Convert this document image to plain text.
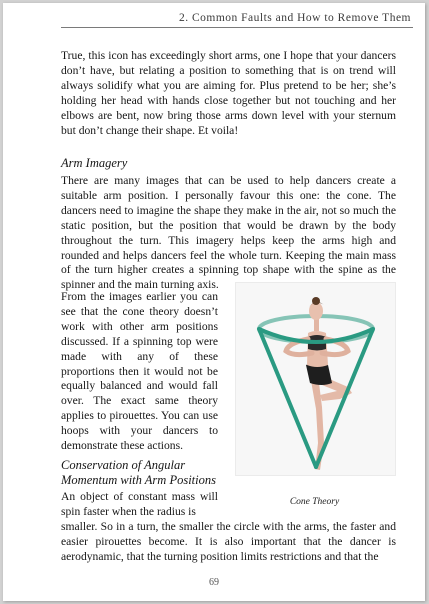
2. Common Faults and How to Remove Them

True, this icon has exceedingly short arms, one I hope that your dancers don’t have, but relating a position to something that is on trend will always solidify what you are aiming for. Plus pretend to be her; she’s holding her head with hands close together but not touching and her elbows are bent, now bring those arms down level with your sternum but don’t change their shape. Et voila!

Arm Imagery

There are many images that can be used to help dancers create a suitable arm position. I personally favour this one: the cone. The dancers need to imagine the shape they make in the air, not so much the static position, but the position that would be drawn by the body throughout the turn. This imagery helps keep the arms high and rounded and helps dancers feel the whole turn. Keeping the main mass of the turn higher creates a spinning top shape with the spine as the spinner and the main turning axis.

From the images earlier you can see that the cone theory doesn’t work with other arm positions discussed. If a spinning top were made with any of these proportions then it would not be equally balanced and would fall over. The exact same theory applies to pirouettes. You can use hoops with your dancers to demonstrate these actions.

Cone Theory
Conservation of Angular Momentum with Arm Positions

An object of constant mass will spin faster when the radius is

smaller. So in a turn, the smaller the circle with the arms, the faster and easier pirouettes become. It is also important that the dancer is aerodynamic, that the turning position limits restrictions and that the

69
